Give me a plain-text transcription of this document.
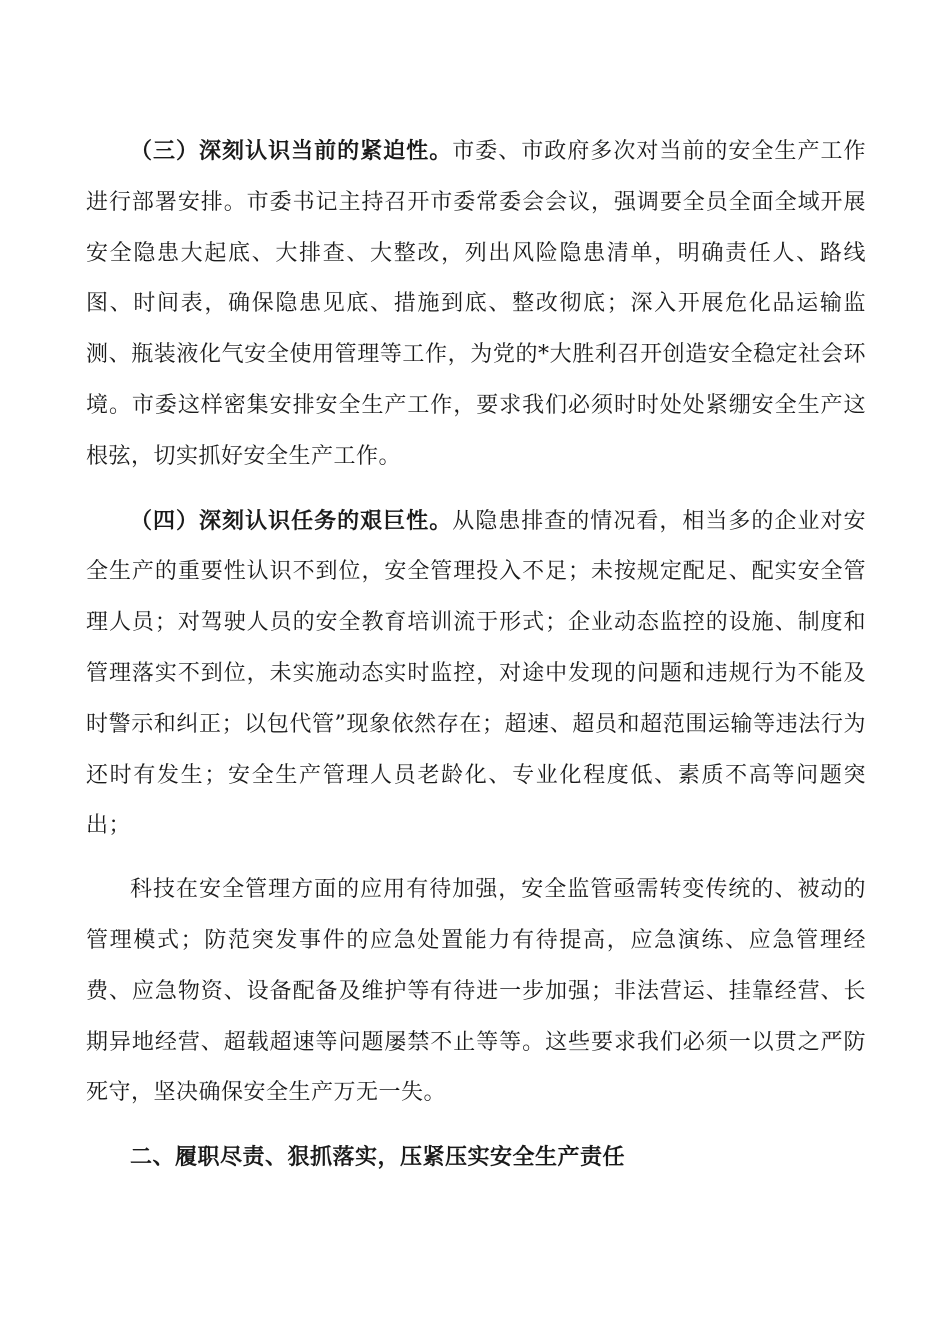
（三）深刻认识当前的紧迫性。市委、市政府多次对当前的安全生产工作进行部署安排。市委书记主持召开市委常委会会议，强调要全员全面全域开展安全隐患大起底、大排查、大整改，列出风险隐患清单，明确责任人、路线图、时间表，确保隐患见底、措施到底、整改彻底；深入开展危化品运输监测、瓶装液化气安全使用管理等工作，为党的*大胜利召开创造安全稳定社会环境。市委这样密集安排安全生产工作，要求我们必须时时处处紧绷安全生产这根弦，切实抓好安全生产工作。

（四）深刻认识任务的艰巨性。从隐患排查的情况看，相当多的企业对安全生产的重要性认识不到位，安全管理投入不足；未按规定配足、配实安全管理人员；对驾驶人员的安全教育培训流于形式；企业动态监控的设施、制度和管理落实不到位，未实施动态实时监控，对途中发现的问题和违规行为不能及时警示和纠正；以包代管”现象依然存在；超速、超员和超范围运输等违法行为还时有发生；安全生产管理人员老龄化、专业化程度低、素质不高等问题突出；

科技在安全管理方面的应用有待加强，安全监管亟需转变传统的、被动的管理模式；防范突发事件的应急处置能力有待提高，应急演练、应急管理经费、应急物资、设备配备及维护等有待进一步加强；非法营运、挂靠经营、长期异地经营、超载超速等问题屡禁不止等等。这些要求我们必须一以贯之严防死守，坚决确保安全生产万无一失。

二、履职尽责、狠抓落实，压紧压实安全生产责任
